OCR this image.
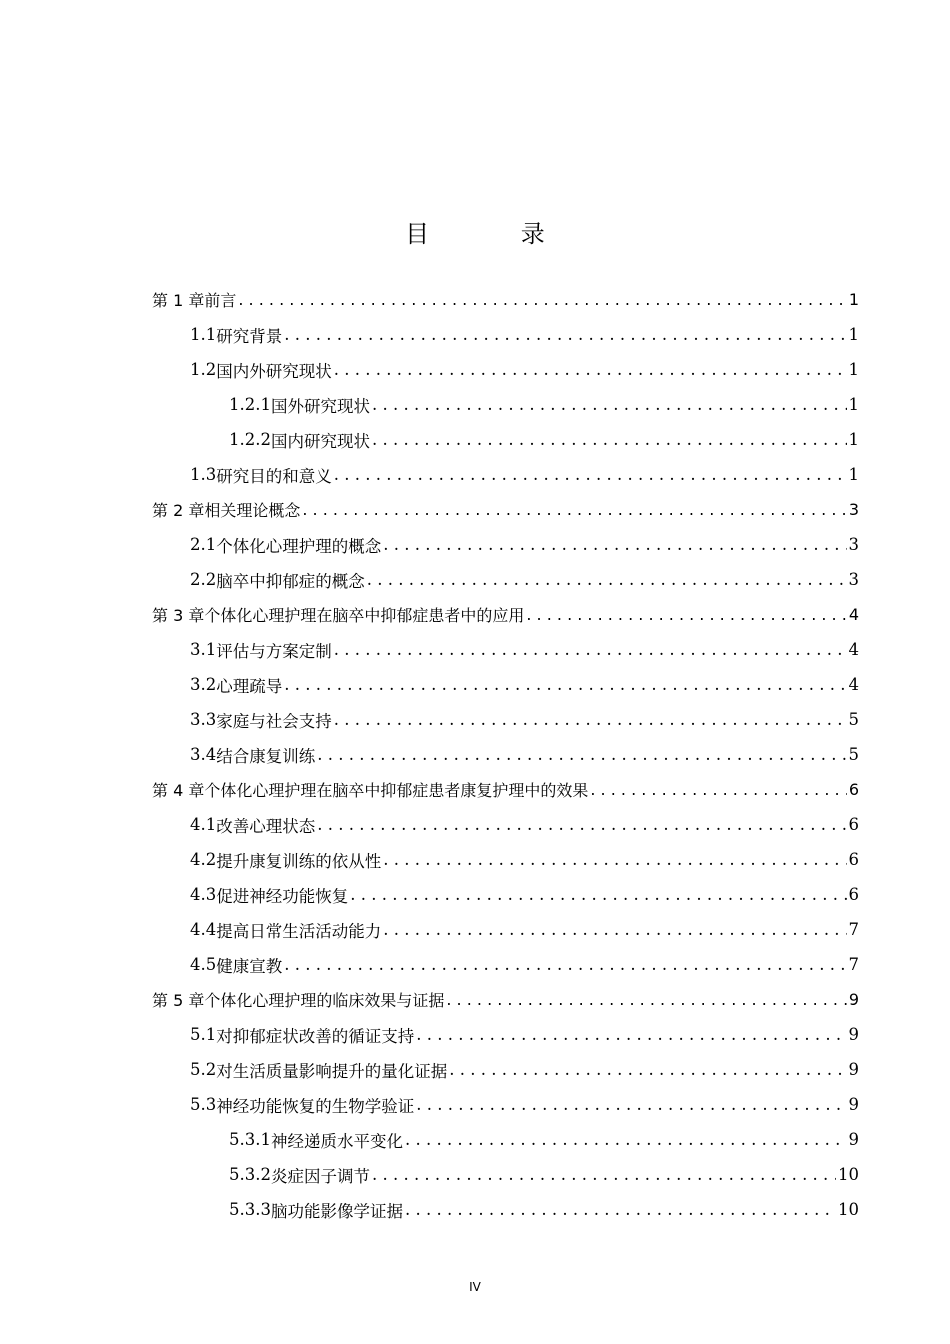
目 录
第 1 章 前言 . . .	1
1.1 研究背景 . . .	1
1.2 国内外研究现状 . . .	1
1.2.1 国外研究现状 . . .	1
1.2.2 国内研究现状 . . .	1
1.3 研究目的和意义 . . .	1
第 2 章 相关理论概念 . . .	3
2.1 个体化心理护理的概念 . . .	3
2.2 脑卒中抑郁症的概念 . . .	3
第 3 章 个体化心理护理在脑卒中抑郁症患者中的应用 . . .	4
3.1 评估与方案定制 . . .	4
3.2 心理疏导 . . .	4
3.3 家庭与社会支持 . . .	5
3.4 结合康复训练 . . .	5
第 4 章 个体化心理护理在脑卒中抑郁症患者康复护理中的效果 . . .	6
4.1 改善心理状态 . . .	6
4.2 提升康复训练的依从性 . . .	6
4.3 促进神经功能恢复 . . .	6
4.4 提高日常生活活动能力 . . .	7
4.5 健康宣教 . . .	7
第 5 章 个体化心理护理的临床效果与证据 . . .	9
5.1 对抑郁症状改善的循证支持 . . .	9
5.2 对生活质量影响提升的量化证据 . . .	9
5.3 神经功能恢复的生物学验证 . . .	9
5.3.1 神经递质水平变化 . . .	9
5.3.2 炎症因子调节 . . .	10
5.3.3 脑功能影像学证据 . . .	10
IV
